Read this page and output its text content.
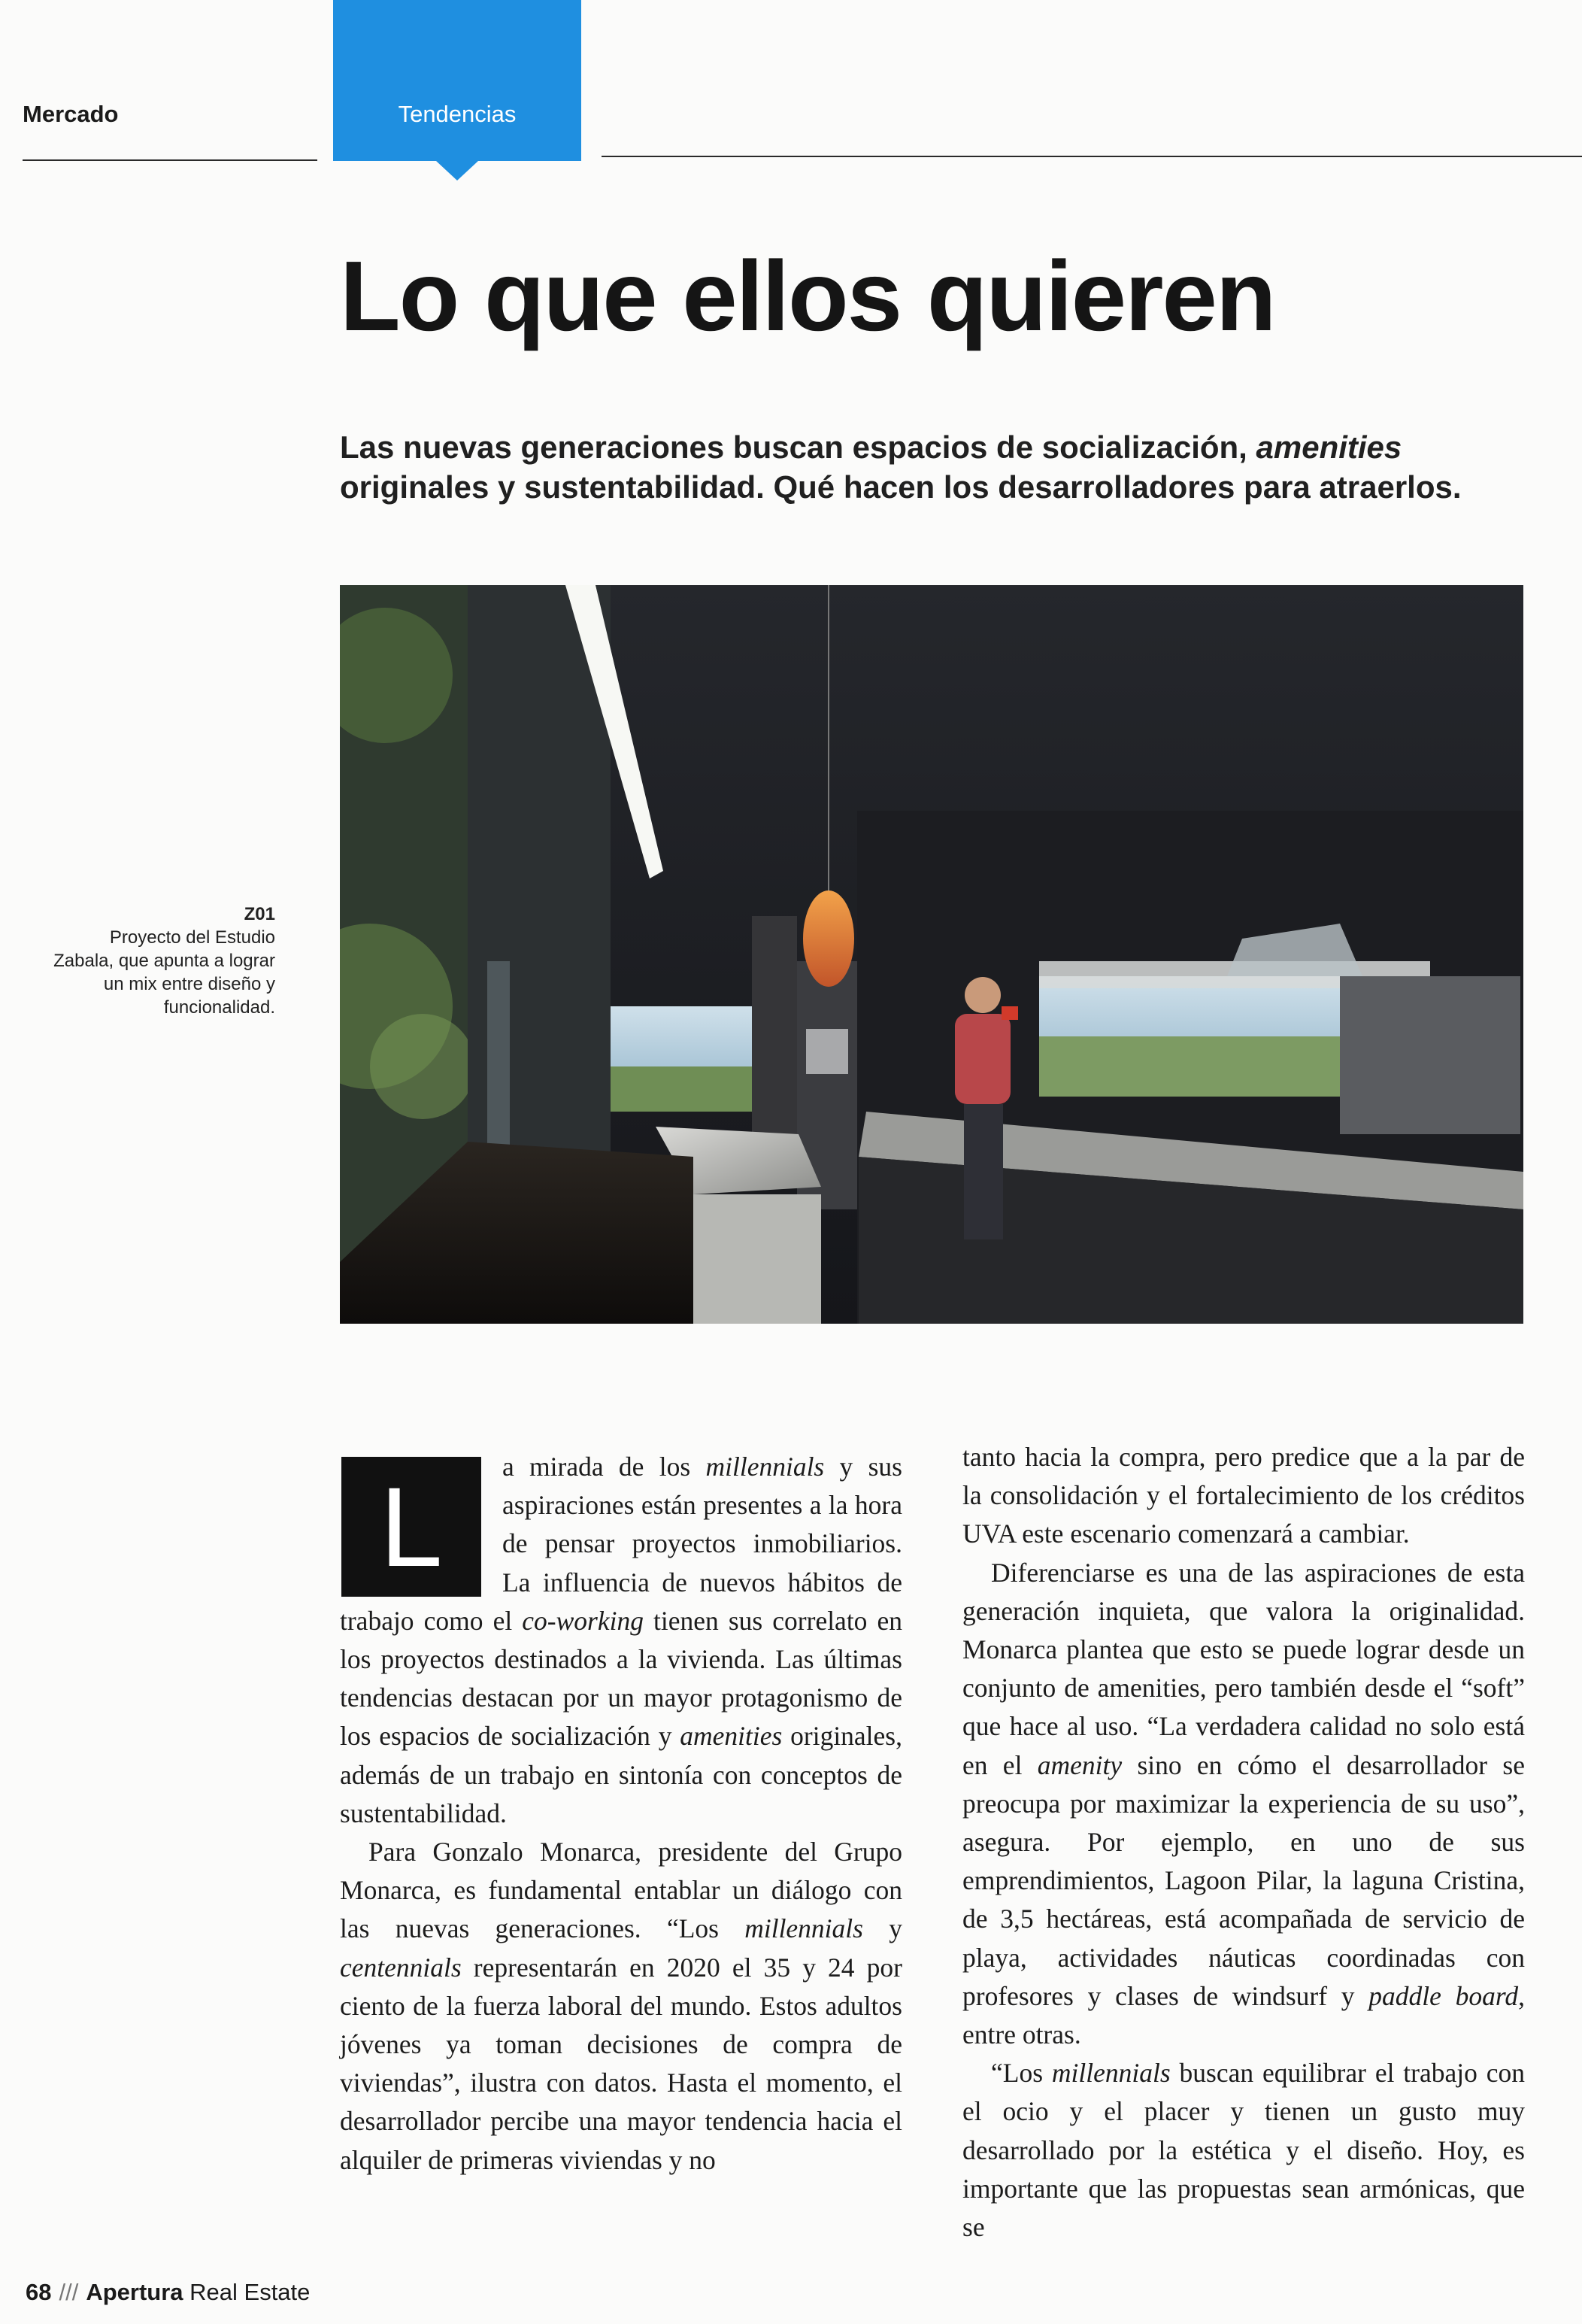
Mercado	Tendencias
Lo que ellos quieren
Las nuevas generaciones buscan espacios de socialización, amenities originales y sustentabilidad. Qué hacen los desarrolladores para atraerlos.
Z01
Proyecto del Estudio Zabala, que apunta a lograr un mix entre diseño y funcionalidad.
L	a mirada de los millennials y sus aspiraciones están presentes a la hora de pensar proyectos inmobiliarios. La influencia de nuevos hábitos de trabajo como el co-working tienen sus correlato en los proyectos destinados a la vivienda. Las últimas tendencias destacan por un mayor protagonismo de los espacios de socialización y amenities originales, además de un trabajo en sintonía con conceptos de sustentabilidad.

Para Gonzalo Monarca, presidente del Grupo Monarca, es fundamental entablar un diálogo con las nuevas generaciones. “Los millennials y centennials representarán en 2020 el 35 y 24 por ciento de la fuerza laboral del mundo. Estos adultos jóvenes ya toman decisiones de compra de viviendas”, ilustra con datos. Hasta el momento, el desarrollador percibe una mayor tendencia hacia el alquiler de primeras viviendas y no

tanto hacia la compra, pero predice que a la par de la consolidación y el fortalecimiento de los créditos UVA este escenario comenzará a cambiar.

Diferenciarse es una de las aspiraciones de esta generación inquieta, que valora la originalidad. Monarca plantea que esto se puede lograr desde un conjunto de amenities, pero también desde el “soft” que hace al uso. “La verdadera calidad no solo está en el amenity sino en cómo el desarrollador se preocupa por maximizar la experiencia de su uso”, asegura. Por ejemplo, en uno de sus emprendimientos, Lagoon Pilar, la laguna Cristina, de 3,5 hectáreas, está acompañada de servicio de playa, actividades náuticas coordinadas con profesores y clases de windsurf y paddle board, entre otras.

“Los millennials buscan equilibrar el trabajo con el ocio y el placer y tienen un gusto muy desarrollado por la estética y el diseño. Hoy, es importante que las propuestas sean armónicas, que se

68 /// Apertura Real Estate
